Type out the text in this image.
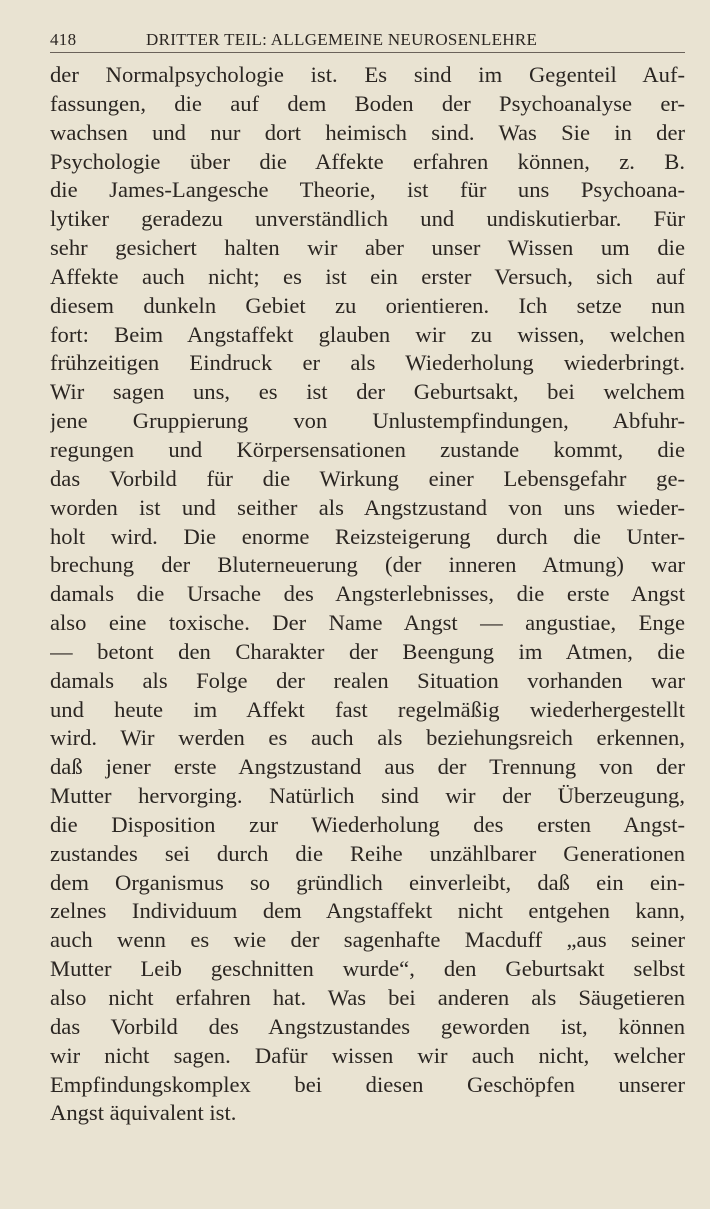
418	DRITTER TEIL: ALLGEMEINE NEUROSENLEHRE
der Normalpsychologie ist. Es sind im Gegenteil Auf-
fassungen, die auf dem Boden der Psychoanalyse er-
wachsen und nur dort heimisch sind. Was Sie in der
Psychologie über die Affekte erfahren können, z. B.
die James-Langesche Theorie, ist für uns Psychoana-
lytiker geradezu unverständlich und undiskutierbar. Für
sehr gesichert halten wir aber unser Wissen um die
Affekte auch nicht; es ist ein erster Versuch, sich auf
diesem dunkeln Gebiet zu orientieren. Ich setze nun
fort: Beim Angstaffekt glauben wir zu wissen, welchen
frühzeitigen Eindruck er als Wiederholung wiederbringt.
Wir sagen uns, es ist der Geburtsakt, bei welchem
jene Gruppierung von Unlustempfindungen, Abfuhr-
regungen und Körpersensationen zustande kommt, die
das Vorbild für die Wirkung einer Lebensgefahr ge-
worden ist und seither als Angstzustand von uns wieder-
holt wird. Die enorme Reizsteigerung durch die Unter-
brechung der Bluterneuerung (der inneren Atmung) war
damals die Ursache des Angsterlebnisses, die erste Angst
also eine toxische. Der Name Angst — angustiae, Enge
— betont den Charakter der Beengung im Atmen, die
damals als Folge der realen Situation vorhanden war
und heute im Affekt fast regelmäßig wiederhergestellt
wird. Wir werden es auch als beziehungsreich erkennen,
daß jener erste Angstzustand aus der Trennung von der
Mutter hervorging. Natürlich sind wir der Überzeugung,
die Disposition zur Wiederholung des ersten Angst-
zustandes sei durch die Reihe unzählbarer Generationen
dem Organismus so gründlich einverleibt, daß ein ein-
zelnes Individuum dem Angstaffekt nicht entgehen kann,
auch wenn es wie der sagenhafte Macduff „aus seiner
Mutter Leib geschnitten wurde“, den Geburtsakt selbst
also nicht erfahren hat. Was bei anderen als Säugetieren
das Vorbild des Angstzustandes geworden ist, können
wir nicht sagen. Dafür wissen wir auch nicht, welcher
Empfindungskomplex bei diesen Geschöpfen unserer
Angst äquivalent ist.
